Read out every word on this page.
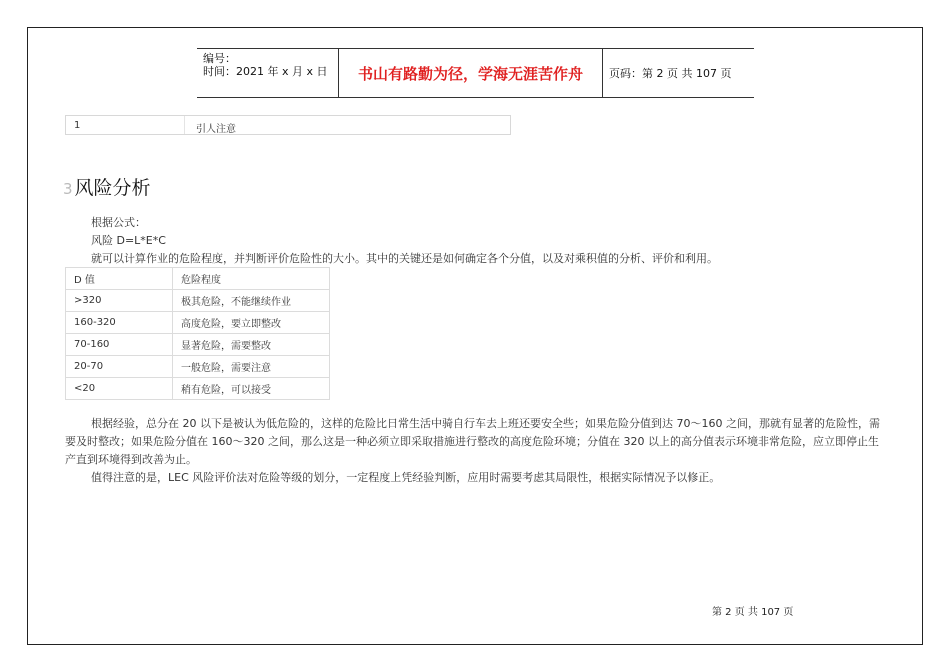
编号：
时间：2021 年 x 月 x 日	书山有路勤为径，学海无涯苦作舟	页码：第 2 页 共 107 页
1	引人注意
3 风险分析
根据公式：
风险 D=L*E*C
就可以计算作业的危险程度，并判断评价危险性的大小。其中的关键还是如何确定各个分值，以及对乘积值的分析、评价和利用。
D 值	危险程度
>320	极其危险，不能继续作业
160-320	高度危险，要立即整改
70-160	显著危险，需要整改
20-70	一般危险，需要注意
<20	稍有危险，可以接受
根据经验，总分在 20 以下是被认为低危险的，这样的危险比日常生活中骑自行车去上班还要安全些；如果危险分值到达 70～160 之间，那就有显著的危险性，需要及时整改；如果危险分值在 160～320 之间，那么这是一种必须立即采取措施进行整改的高度危险环境；分值在 320 以上的高分值表示环境非常危险，应立即停止生产直到环境得到改善为止。
值得注意的是，LEC 风险评价法对危险等级的划分，一定程度上凭经验判断，应用时需要考虑其局限性，根据实际情况予以修正。
第 2 页 共 107 页
